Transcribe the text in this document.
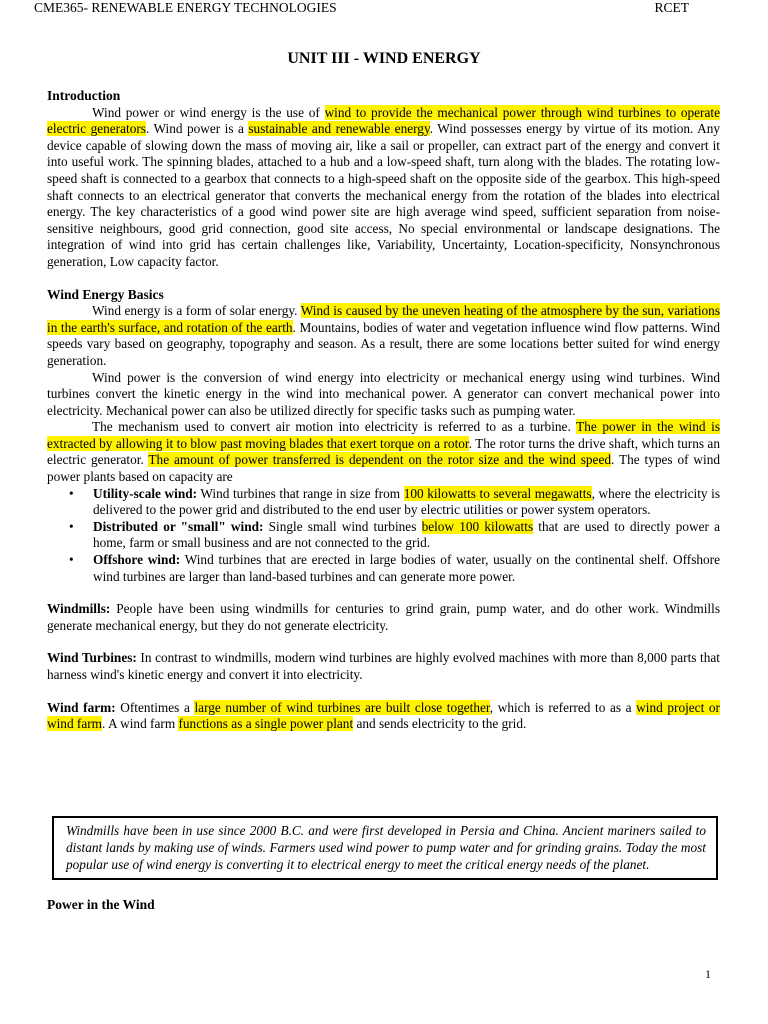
CME365- RENEWABLE ENERGY TECHNOLOGIES	RCET
UNIT III - WIND ENERGY
Introduction

Wind power or wind energy is the use of wind to provide the mechanical power through wind turbines to operate electric generators. Wind power is a sustainable and renewable energy. Wind possesses energy by virtue of its motion. Any device capable of slowing down the mass of moving air, like a sail or propeller, can extract part of the energy and convert it into useful work. The spinning blades, attached to a hub and a low-speed shaft, turn along with the blades. The rotating low-speed shaft is connected to a gearbox that connects to a high-speed shaft on the opposite side of the gearbox. This high-speed shaft connects to an electrical generator that converts the mechanical energy from the rotation of the blades into electrical energy. The key characteristics of a good wind power site are high average wind speed, sufficient separation from noise-sensitive neighbours, good grid connection, good site access, No special environmental or landscape designations. The integration of wind into grid has certain challenges like, Variability, Uncertainty, Location-specificity, Nonsynchronous generation, Low capacity factor.

Wind Energy Basics

Wind energy is a form of solar energy. Wind is caused by the uneven heating of the atmosphere by the sun, variations in the earth's surface, and rotation of the earth. Mountains, bodies of water and vegetation influence wind flow patterns. Wind speeds vary based on geography, topography and season. As a result, there are some locations better suited for wind energy generation.

Wind power is the conversion of wind energy into electricity or mechanical energy using wind turbines. Wind turbines convert the kinetic energy in the wind into mechanical power. A generator can convert mechanical power into electricity. Mechanical power can also be utilized directly for specific tasks such as pumping water.

The mechanism used to convert air motion into electricity is referred to as a turbine. The power in the wind is extracted by allowing it to blow past moving blades that exert torque on a rotor. The rotor turns the drive shaft, which turns an electric generator. The amount of power transferred is dependent on the rotor size and the wind speed. The types of wind power plants based on capacity are

• Utility-scale wind: Wind turbines that range in size from 100 kilowatts to several megawatts, where the electricity is delivered to the power grid and distributed to the end user by electric utilities or power system operators.
• Distributed or "small" wind: Single small wind turbines below 100 kilowatts that are used to directly power a home, farm or small business and are not connected to the grid.
• Offshore wind: Wind turbines that are erected in large bodies of water, usually on the continental shelf. Offshore wind turbines are larger than land-based turbines and can generate more power.

Windmills: People have been using windmills for centuries to grind grain, pump water, and do other work. Windmills generate mechanical energy, but they do not generate electricity.

Wind Turbines: In contrast to windmills, modern wind turbines are highly evolved machines with more than 8,000 parts that harness wind's kinetic energy and convert it into electricity.

Wind farm: Oftentimes a large number of wind turbines are built close together, which is referred to as a wind project or wind farm. A wind farm functions as a single power plant and sends electricity to the grid.

Windmills have been in use since 2000 B.C. and were first developed in Persia and China. Ancient mariners sailed to distant lands by making use of winds. Farmers used wind power to pump water and for grinding grains. Today the most popular use of wind energy is converting it to electrical energy to meet the critical energy needs of the planet.
Power in the Wind
1
